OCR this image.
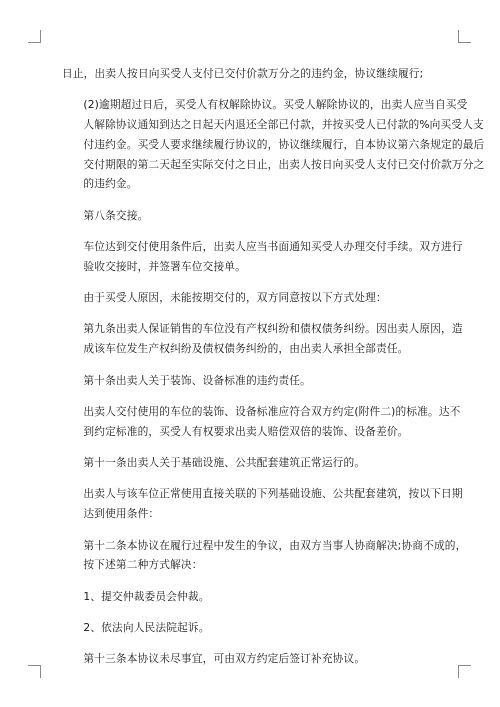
日止，出卖人按日向买受人支付已交付价款万分之的违约金，协议继续履行;

(2)逾期超过日后，买受人有权解除协议。买受人解除协议的，出卖人应当自买受
人解除协议通知到达之日起天内退还全部已付款，并按买受人已付款的%向买受人支
付违约金。买受人要求继续履行协议的，协议继续履行，自本协议第六条规定的最后
交付期限的第二天起至实际交付之日止，出卖人按日向买受人支付已交付价款万分之
的违约金。

第八条交接。

车位达到交付使用条件后，出卖人应当书面通知买受人办理交付手续。双方进行
验收交接时，并签署车位交接单。

由于买受人原因，未能按期交付的，双方同意按以下方式处理：

第九条出卖人保证销售的车位没有产权纠纷和债权债务纠纷。因出卖人原因，造
成该车位发生产权纠纷及债权债务纠纷的，由出卖人承担全部责任。

第十条出卖人关于装饰、设备标准的违约责任。

出卖人交付使用的车位的装饰、设备标准应符合双方约定(附件二)的标准。达不
到约定标准的，买受人有权要求出卖人赔偿双倍的装饰、设备差价。

第十一条出卖人关于基础设施、公共配套建筑正常运行的。

出卖人与该车位正常使用直接关联的下列基础设施、公共配套建筑，按以下日期
达到使用条件：

第十二条本协议在履行过程中发生的争议，由双方当事人协商解决;协商不成的，
按下述第二种方式解决：

1、提交仲裁委员会仲裁。

2、依法向人民法院起诉。

第十三条本协议未尽事宜，可由双方约定后签订补充协议。
